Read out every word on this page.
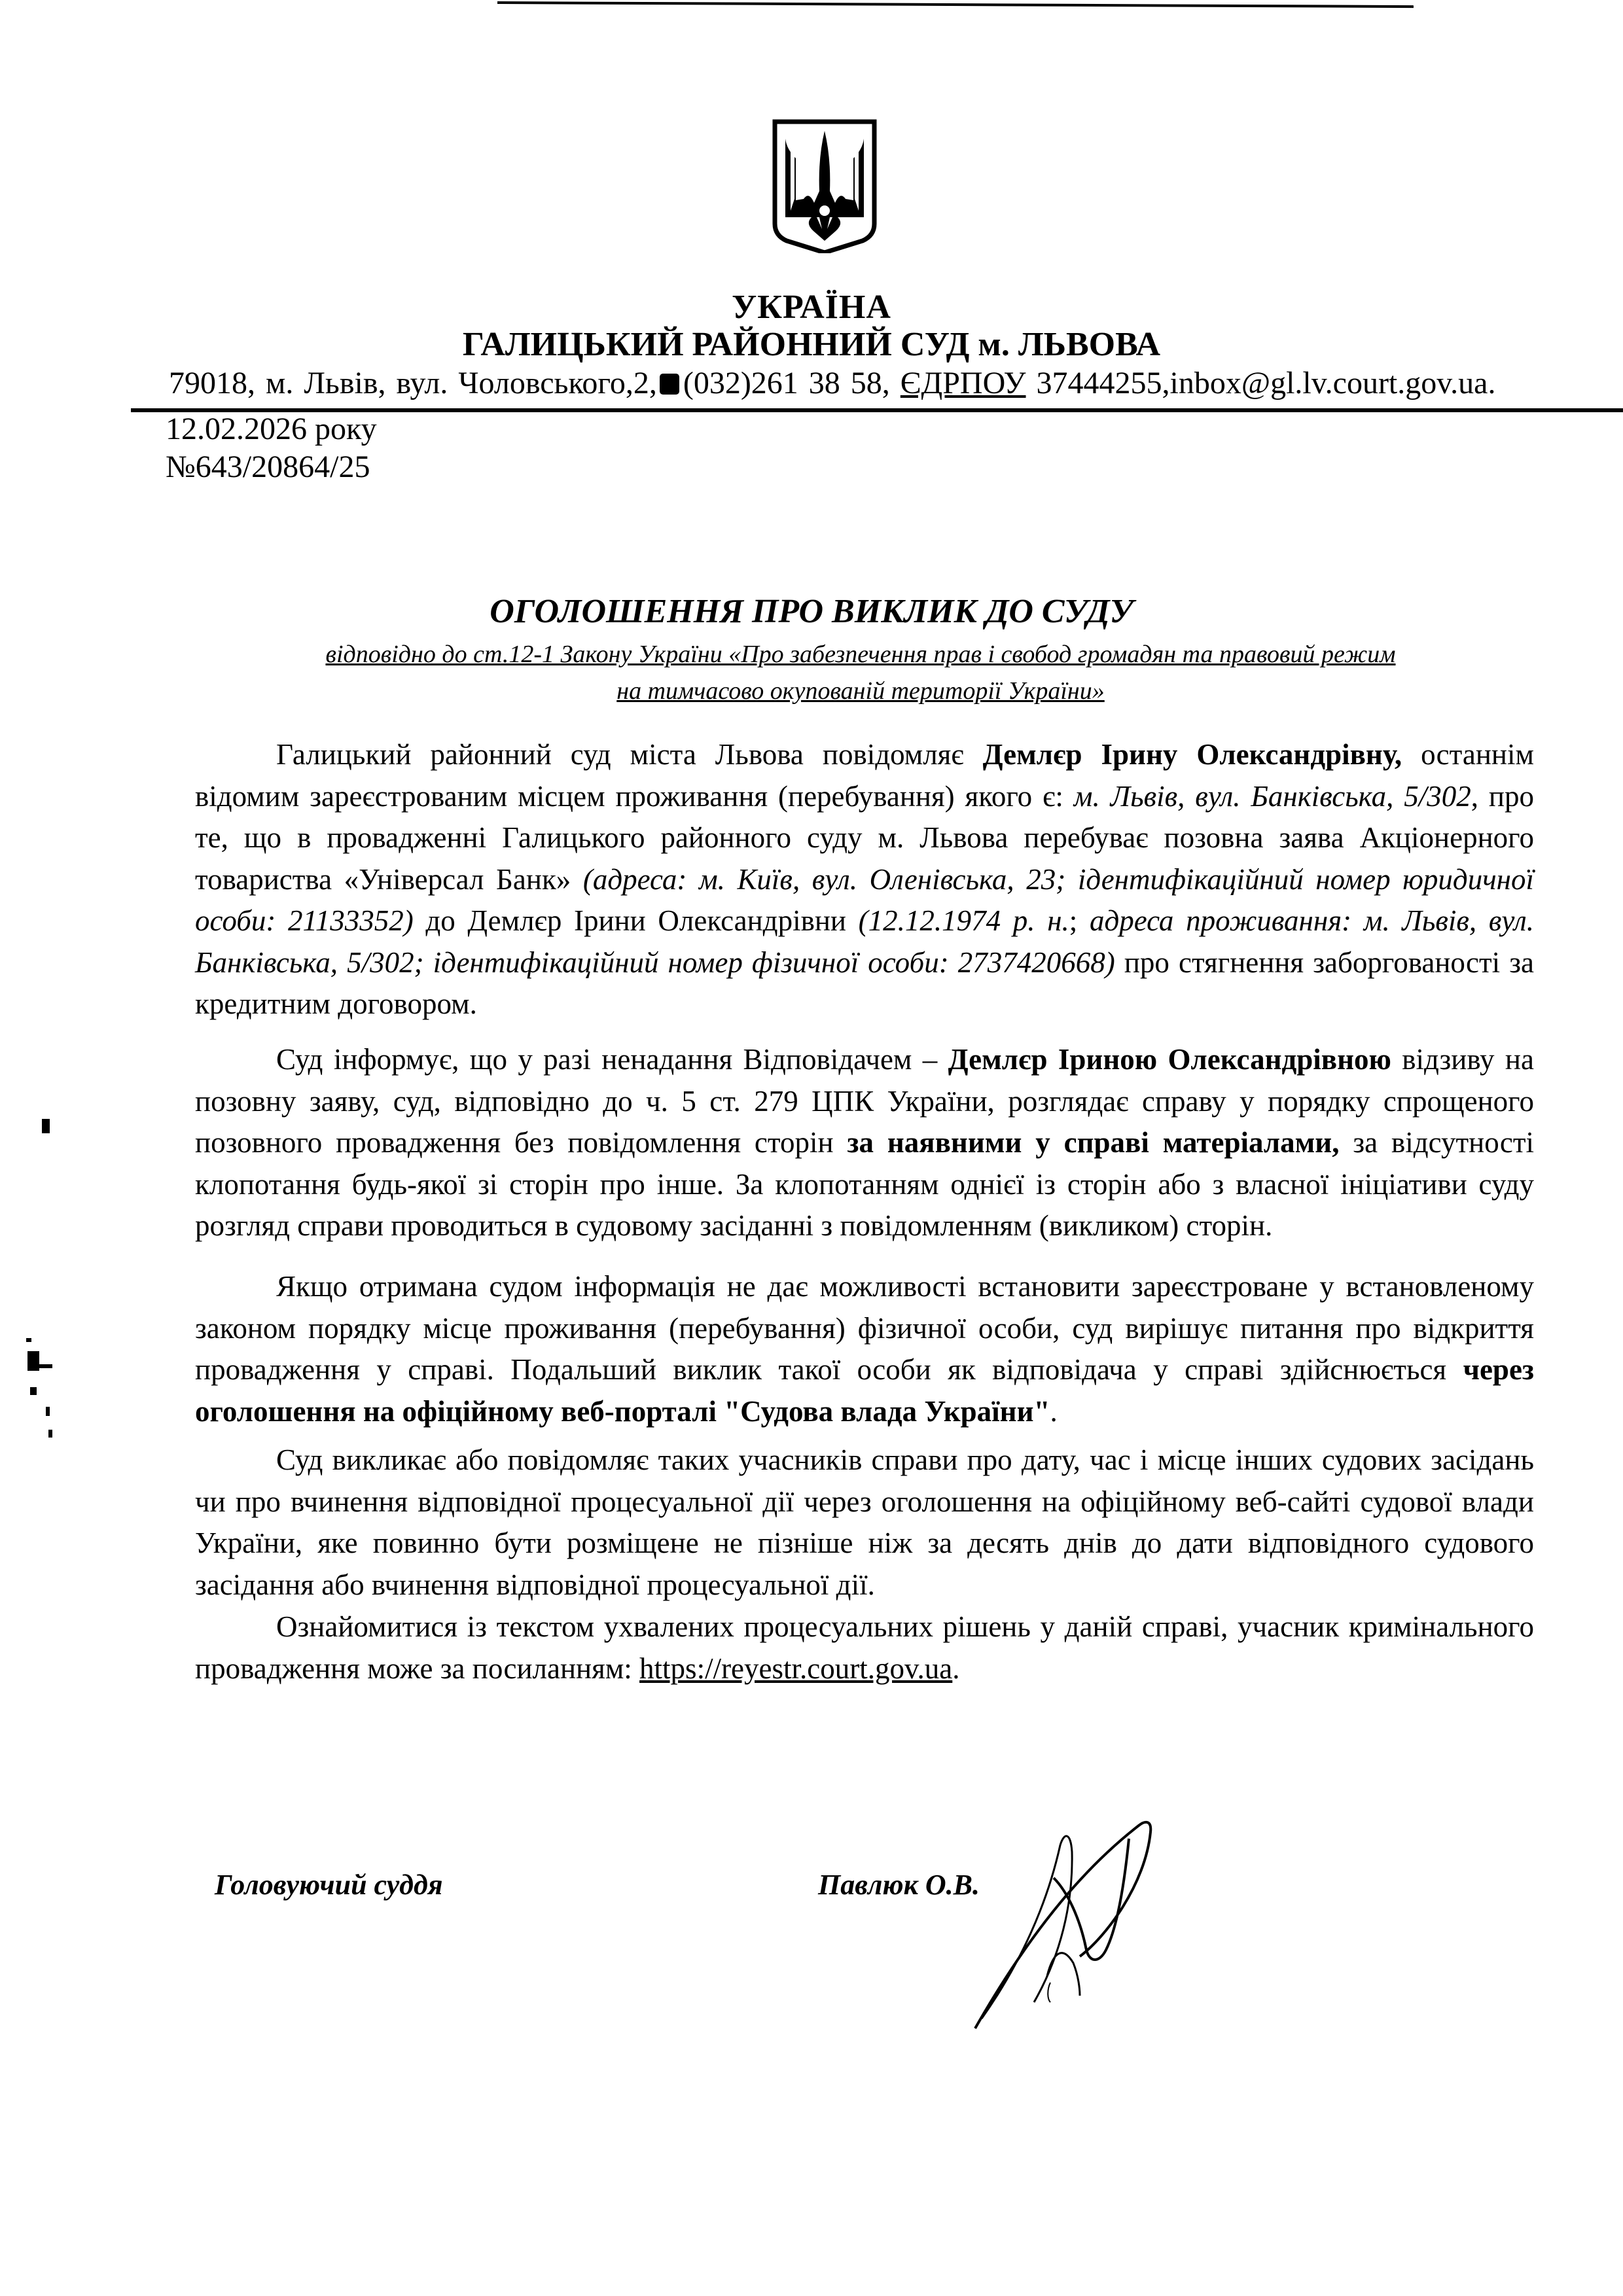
УКРАЇНА
ГАЛИЦЬКИЙ РАЙОННИЙ СУД м. ЛЬВОВА
79018, м. Львів, вул. Чоловського,2, (032)261 38 58, ЄДРПОУ 37444255,inbox@gl.lv.court.gov.ua.
12.02.2026 року
№643/20864/25
ОГОЛОШЕННЯ ПРО ВИКЛИК ДО СУДУ
відповідно до ст.12-1 Закону України «Про забезпечення прав і свобод громадян та правовий режим
на тимчасово окупованій території України»

Галицький районний суд міста Львова повідомляє Демлєр Ірину Олександрівну, останнім відомим зареєстрованим місцем проживання (перебування) якого є: м. Львів, вул. Банківська, 5/302, про те, що в провадженні Галицького районного суду м. Львова перебуває позовна заява Акціонерного товариства «Універсал Банк» (адреса: м. Київ, вул. Оленівська, 23; ідентифікаційний номер юридичної особи: 21133352) до Демлєр Ірини Олександрівни (12.12.1974 р. н.; адреса проживання: м. Львів, вул. Банківська, 5/302; ідентифікаційний номер фізичної особи: 2737420668) про стягнення заборгованості за кредитним договором.

Суд інформує, що у разі ненадання Відповідачем – Демлєр Іриною Олександрівною відзиву на позовну заяву, суд, відповідно до ч. 5 ст. 279 ЦПК України, розглядає справу у порядку спрощеного позовного провадження без повідомлення сторін за наявними у справі матеріалами, за відсутності клопотання будь-якої зі сторін про інше. За клопотанням однієї із сторін або з власної ініціативи суду розгляд справи проводиться в судовому засіданні з повідомленням (викликом) сторін.

Якщо отримана судом інформація не дає можливості встановити зареєстроване у встановленому законом порядку місце проживання (перебування) фізичної особи, суд вирішує питання про відкриття провадження у справі. Подальший виклик такої особи як відповідача у справі здійснюється через оголошення на офіційному веб-порталі "Судова влада України".

Суд викликає або повідомляє таких учасників справи про дату, час і місце інших судових засідань чи про вчинення відповідної процесуальної дії через оголошення на офіційному веб-сайті судової влади України, яке повинно бути розміщене не пізніше ніж за десять днів до дати відповідного судового засідання або вчинення відповідної процесуальної дії.

Ознайомитися із текстом ухвалених процесуальних рішень у даній справі, учасник кримінального провадження може за посиланням: https://reyestr.court.gov.ua.

Головуючий суддя	Павлюк О.В.
